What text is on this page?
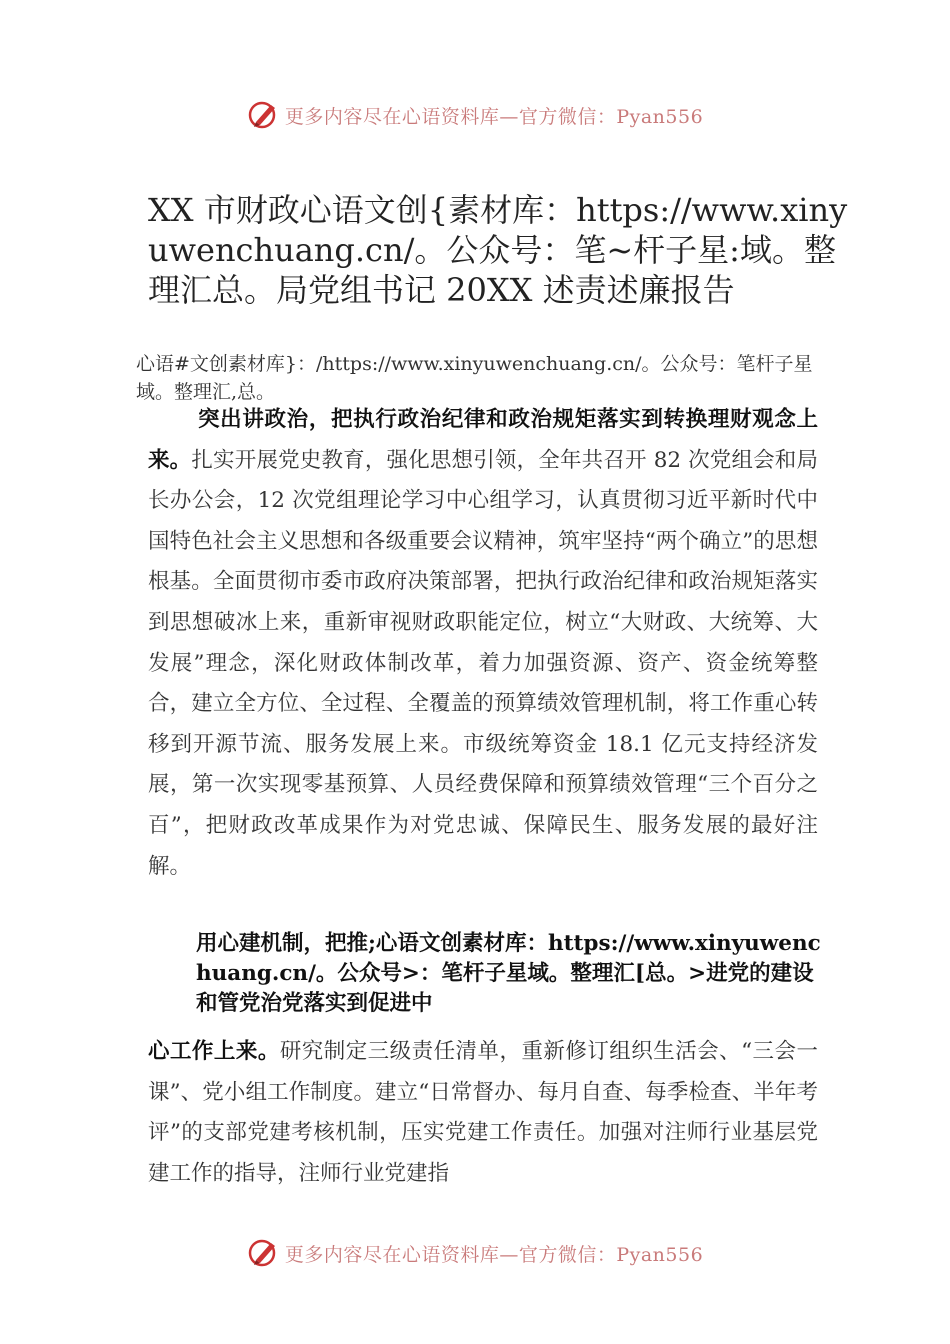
更多内容尽在心语资料库—官方微信：Pyan556
XX 市财政心语文创{素材库：https://www.xinyuwenchuang.cn/。公众号：笔~杆子星:域。整理汇总。局党组书记 20XX 述责述廉报告
心语#文创素材库}：/https://www.xinyuwenchuang.cn/。公众号：笔杆子星域。整理汇,总。

突出讲政治，把执行政治纪律和政治规矩落实到转换理财观念上来。扎实开展党史教育，强化思想引领，全年共召开 82 次党组会和局长办公会，12 次党组理论学习中心组学习，认真贯彻习近平新时代中国特色社会主义思想和各级重要会议精神，筑牢坚持“两个确立”的思想根基。全面贯彻市委市政府决策部署，把执行政治纪律和政治规矩落实到思想破冰上来，重新审视财政职能定位，树立“大财政、大统筹、大发展”理念，深化财政体制改革，着力加强资源、资产、资金统筹整合，建立全方位、全过程、全覆盖的预算绩效管理机制，将工作重心转移到开源节流、服务发展上来。市级统筹资金 18.1 亿元支持经济发展，第一次实现零基预算、人员经费保障和预算绩效管理“三个百分之百”，把财政改革成果作为对党忠诚、保障民生、服务发展的最好注解。

用心建机制，把推;心语文创素材库：https://www.xinyuwenchuang.cn/。公众号>：笔杆子星域。整理汇[总。>进党的建设和管党治党落实到促进中

心工作上来。研究制定三级责任清单，重新修订组织生活会、“三会一课”、党小组工作制度。建立“日常督办、每月自查、每季检查、半年考评”的支部党建考核机制，压实党建工作责任。加强对注师行业基层党建工作的指导，注师行业党建指

更多内容尽在心语资料库—官方微信：Pyan556
